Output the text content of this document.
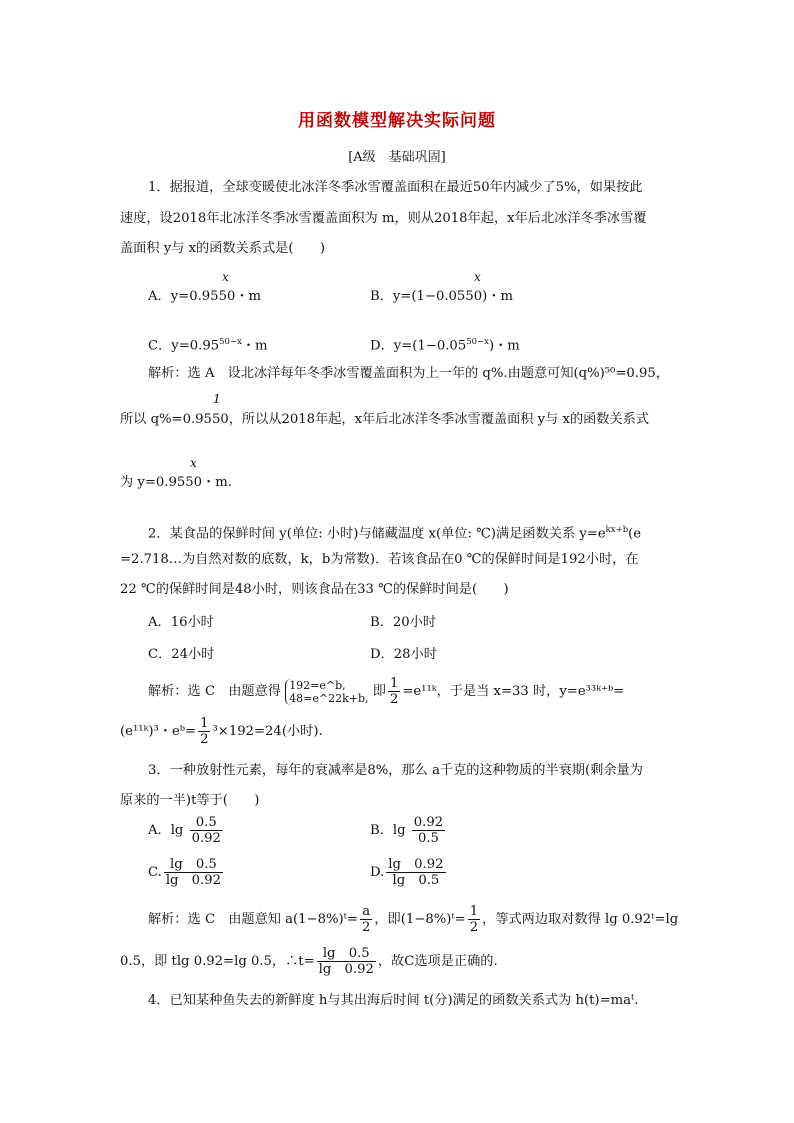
用函数模型解决实际问题
[A级　基础巩固]
1．据报道，全球变暖使北冰洋冬季冰雪覆盖面积在最近50年内减少了5%，如果按此
速度，设2018年北冰洋冬季冰雪覆盖面积为 m，则从2018年起，x年后北冰洋冬季冰雪覆
盖面积 y与 x的函数关系式是(　　)
x
A．y=0.9550・m
x
B．y=(1−0.0550)・m
C．$y=0.95^{50-x}$・m	D．$y=(1-0.05^{50-x})$・m
解析：选 A　设北冰洋每年冬季冰雪覆盖面积为上一年的 q%.由题意可知(q%)⁵⁰=0.95，
1
所以 q%=0.9550，所以从2018年起，x年后北冰洋冬季冰雪覆盖面积 y与 x的函数关系式
x
为 y=0.9550・m.
2．某食品的保鲜时间 y(单位: 小时)与储藏温度 x(单位: ℃)满足函数关系 $y=e^{kx+b}(e$
=2.718…为自然对数的底数，k，b为常数)．若该食品在0 ℃的保鲜时间是192小时，在
22 ℃的保鲜时间是48小时，则该食品在33 ℃的保鲜时间是(　　)
A．16小时	B．20小时
C．24小时	D．28小时
解析：选 C　由题意得 192=e^b,
48=e^22k+b, 即 $\frac{1}{2}$ =e¹¹ᵏ，于是当 x=33 时，y=e³³ᵏ⁺ᵇ=
(e¹¹ᵏ)³・eᵇ= $\frac{1}{2} ^3\times 192=24$(小时).
3．一种放射性元素，每年的衰减率是8%，那么 a千克的这种物质的半衰期(剩余量为
原来的一半)t等于(　　)
A．$\lg \frac{0.5}{0.92}$	B．$\lg \frac{0.92}{0.5}$
C. $\frac{\lg 0.5}{\lg 0.92}$	D. $\frac{\lg 0.92}{\lg 0.5}$
解析：选 C　由题意知 a(1−8%)ᵗ= $\frac{a}{2}$ ，即(1−8%)ᵗ= $\frac{1}{2}$ ，等式两边取对数得 lg 0.92ᵗ=lg
0.5，即 tlg 0.92=lg 0.5，∴t= $\frac{\lg 0.5}{\lg 0.92}$ ，故C选项是正确的.
4．已知某种鱼失去的新鲜度 h与其出海后时间 t(分)满足的函数关系式为 h(t)=maᵗ.
